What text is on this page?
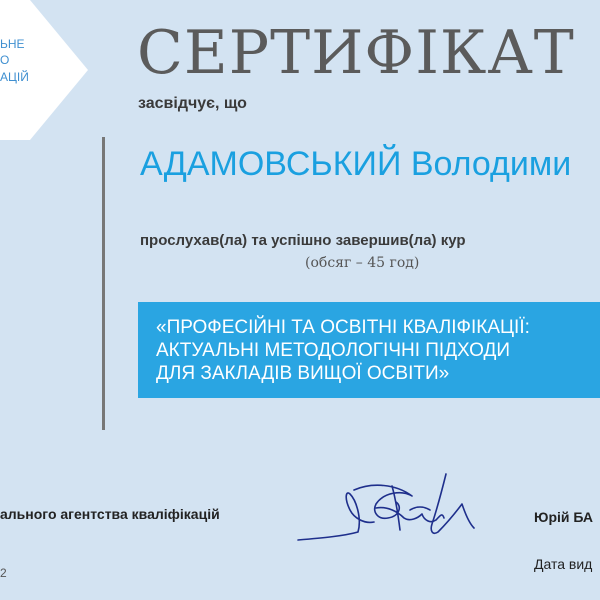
ЬНЕ
О
АЦІЙ СЕРТИФІКАТ
засвідчує, що
АДАМОВСЬКИЙ Володими
прослухав(ла) та успішно завершив(ла) кур
(обсяг – 45 год)
«ПРОФЕСІЙНІ ТА ОСВІТНІ КВАЛІФІКАЦІЇ:
АКТУАЛЬНІ МЕТОДОЛОГІЧНІ ПІДХОДИ
ДЛЯ ЗАКЛАДІВ ВИЩОЇ ОСВІТИ»
ального агентства кваліфікацій	Юрій БА
Дата вид
2
